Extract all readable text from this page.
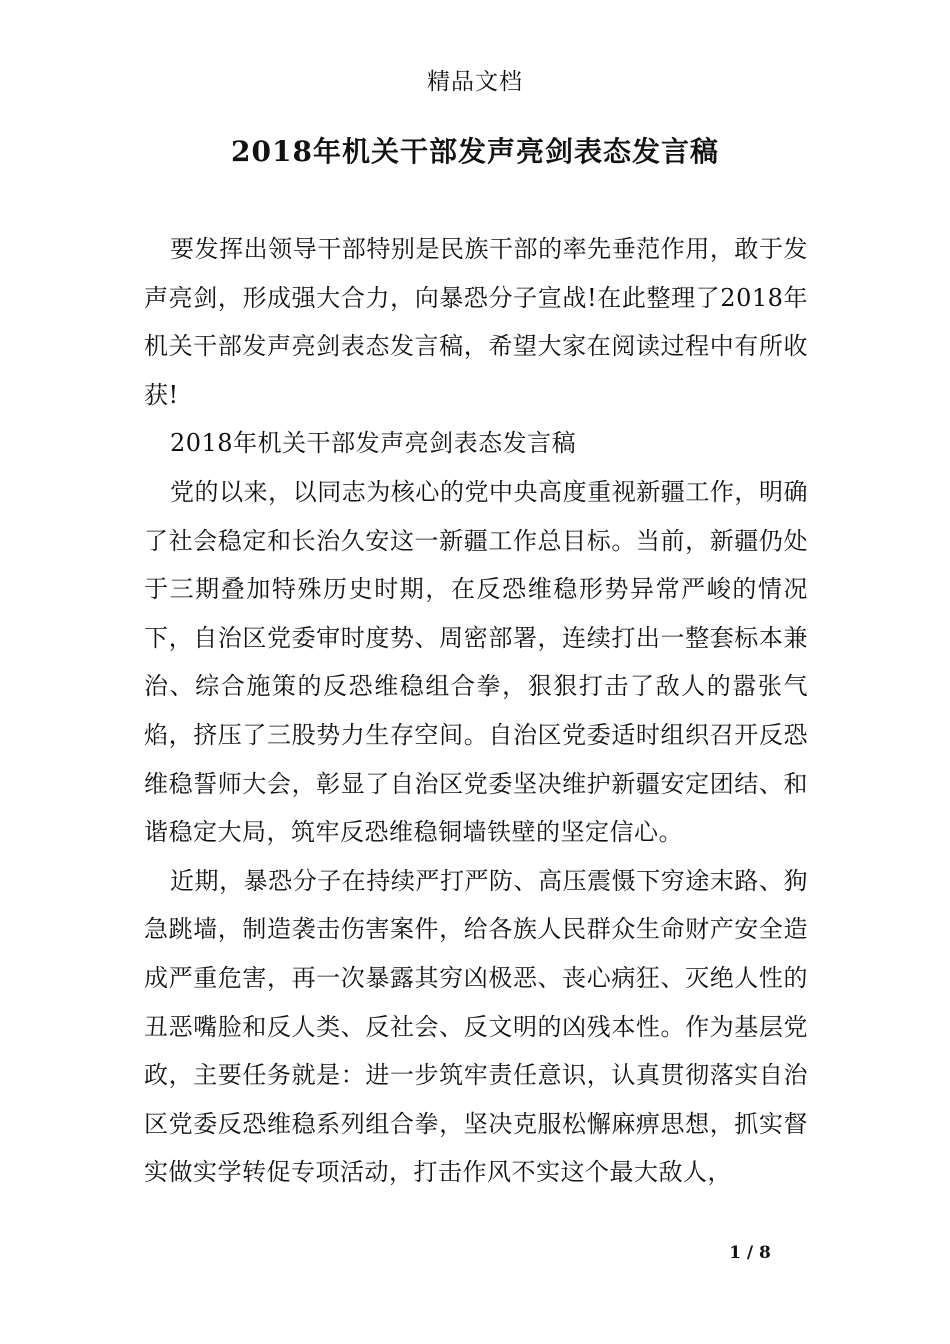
精品文档
2018年机关干部发声亮剑表态发言稿

要发挥出领导干部特别是民族干部的率先垂范作用，敢于发声亮剑，形成强大合力，向暴恐分子宣战!在此整理了2018年机关干部发声亮剑表态发言稿，希望大家在阅读过程中有所收获!

2018年机关干部发声亮剑表态发言稿

党的以来，以同志为核心的党中央高度重视新疆工作，明确了社会稳定和长治久安这一新疆工作总目标。当前，新疆仍处于三期叠加特殊历史时期，在反恐维稳形势异常严峻的情况下，自治区党委审时度势、周密部署，连续打出一整套标本兼治、综合施策的反恐维稳组合拳，狠狠打击了敌人的嚣张气焰，挤压了三股势力生存空间。自治区党委适时组织召开反恐维稳誓师大会，彰显了自治区党委坚决维护新疆安定团结、和谐稳定大局，筑牢反恐维稳铜墙铁壁的坚定信心。

近期，暴恐分子在持续严打严防、高压震慑下穷途末路、狗急跳墙，制造袭击伤害案件，给各族人民群众生命财产安全造成严重危害，再一次暴露其穷凶极恶、丧心病狂、灭绝人性的丑恶嘴脸和反人类、反社会、反文明的凶残本性。作为基层党政，主要任务就是：进一步筑牢责任意识，认真贯彻落实自治区党委反恐维稳系列组合拳，坚决克服松懈麻痹思想，抓实督实做实学转促专项活动，打击作风不实这个最大敌人，

1 / 8
